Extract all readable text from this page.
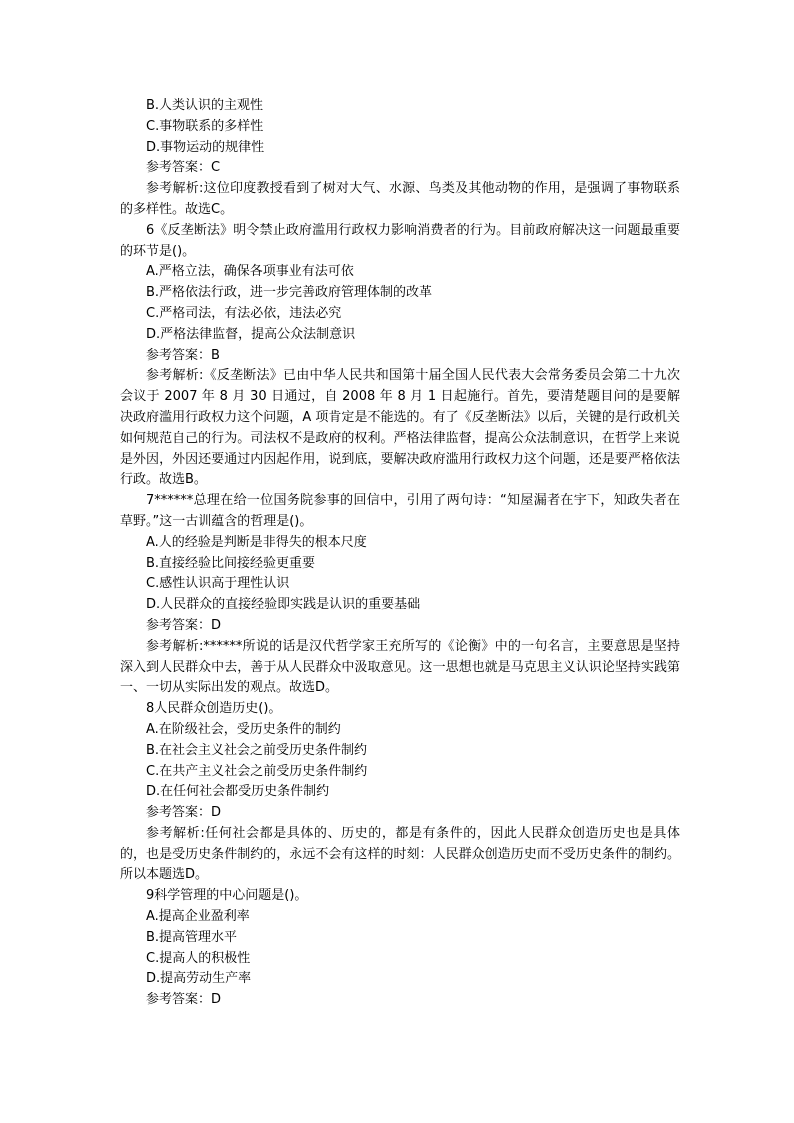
B.人类认识的主观性
C.事物联系的多样性
D.事物运动的规律性
参考答案：C
参考解析:这位印度教授看到了树对大气、水源、鸟类及其他动物的作用，是强调了事物联系的多样性。故选C。
6《反垄断法》明令禁止政府滥用行政权力影响消费者的行为。目前政府解决这一问题最重要的环节是()。
A.严格立法，确保各项事业有法可依
B.严格依法行政，进一步完善政府管理体制的改革
C.严格司法，有法必依，违法必究
D.严格法律监督，提高公众法制意识
参考答案：B
参考解析:《反垄断法》已由中华人民共和国第十届全国人民代表大会常务委员会第二十九次会议于 2007 年 8 月 30 日通过，自 2008 年 8 月 1 日起施行。首先，要清楚题目问的是要解决政府滥用行政权力这个问题，A 项肯定是不能选的。有了《反垄断法》以后，关键的是行政机关如何规范自己的行为。司法权不是政府的权利。严格法律监督，提高公众法制意识，在哲学上来说是外因，外因还要通过内因起作用，说到底，要解决政府滥用行政权力这个问题，还是要严格依法行政。故选B。
7******总理在给一位国务院参事的回信中，引用了两句诗：“知屋漏者在宇下，知政失者在草野。”这一古训蕴含的哲理是()。
A.人的经验是判断是非得失的根本尺度
B.直接经验比间接经验更重要
C.感性认识高于理性认识
D.人民群众的直接经验即实践是认识的重要基础
参考答案：D
参考解析:******所说的话是汉代哲学家王充所写的《论衡》中的一句名言，主要意思是坚持深入到人民群众中去，善于从人民群众中汲取意见。这一思想也就是马克思主义认识论坚持实践第一、一切从实际出发的观点。故选D。
8人民群众创造历史()。
A.在阶级社会，受历史条件的制约
B.在社会主义社会之前受历史条件制约
C.在共产主义社会之前受历史条件制约
D.在任何社会都受历史条件制约
参考答案：D
参考解析:任何社会都是具体的、历史的，都是有条件的，因此人民群众创造历史也是具体的，也是受历史条件制约的，永远不会有这样的时刻：人民群众创造历史而不受历史条件的制约。所以本题选D。
9科学管理的中心问题是()。
A.提高企业盈利率
B.提高管理水平
C.提高人的积极性
D.提高劳动生产率
参考答案：D
